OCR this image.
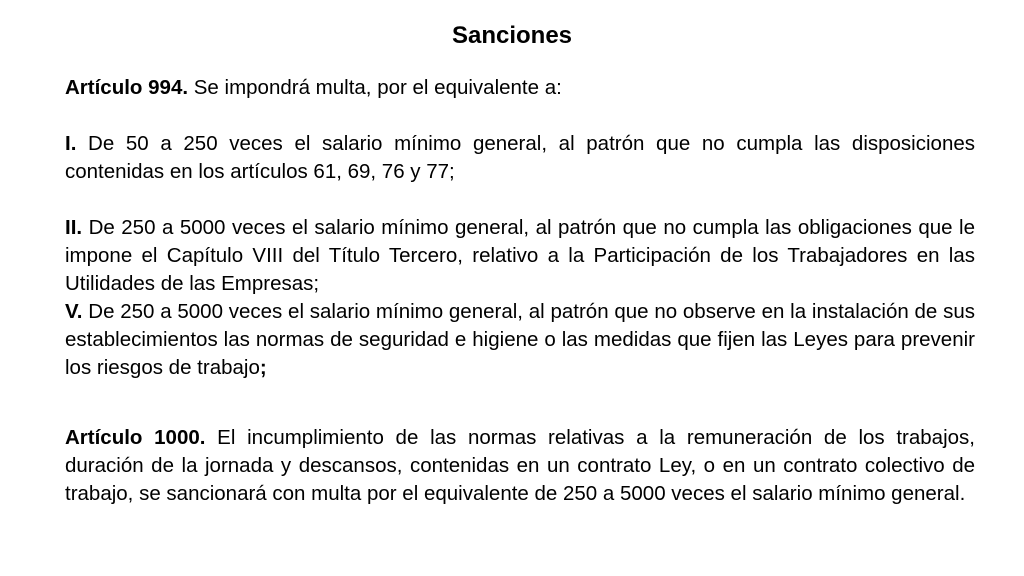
Sanciones

Artículo 994. Se impondrá multa, por el equivalente a:

I. De 50 a 250 veces el salario mínimo general, al patrón que no cumpla las disposiciones contenidas en los artículos 61, 69, 76 y 77;

II. De 250 a 5000 veces el salario mínimo general, al patrón que no cumpla las obligaciones que le impone el Capítulo VIII del Título Tercero, relativo a la Participación de los Trabajadores en las Utilidades de las Empresas;

V. De 250 a 5000 veces el salario mínimo general, al patrón que no observe en la instalación de sus establecimientos las normas de seguridad e higiene o las medidas que fijen las Leyes para prevenir los riesgos de trabajo;

Artículo 1000. El incumplimiento de las normas relativas a la remuneración de los trabajos, duración de la jornada y descansos, contenidas en un contrato Ley, o en un contrato colectivo de trabajo, se sancionará con multa por el equivalente de 250 a 5000 veces el salario mínimo general.
